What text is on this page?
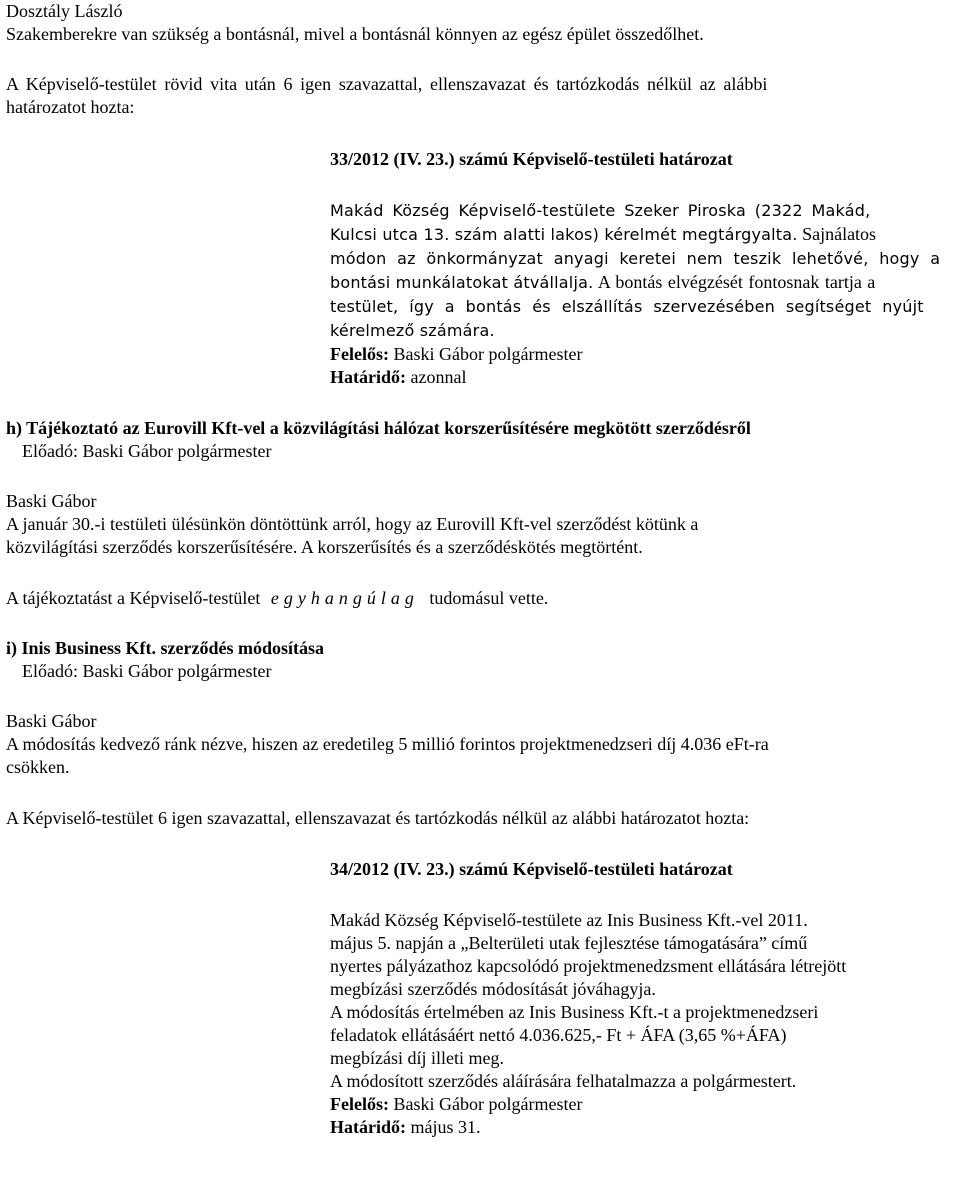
Dosztály László
Szakemberekre van szükség a bontásnál, mivel a bontásnál könnyen az egész épület összedőlhet.
A Képviselő-testület rövid vita után 6 igen szavazattal, ellenszavazat és tartózkodás nélkül az alábbi
határozatot hozta:
33/2012 (IV. 23.) számú Képviselő-testületi határozat
Makád Község Képviselő-testülete Szeker Piroska (2322 Makád,
Kulcsi utca 13. szám alatti lakos) kérelmét megtárgyalta. Sajnálatos
módon az önkormányzat anyagi keretei nem teszik lehetővé, hogy a
bontási munkálatokat átvállalja. A bontás elvégzését fontosnak tartja a
testület, így a bontás és elszállítás szervezésében segítséget nyújt
kérelmező számára.
Felelős: Baski Gábor polgármester
Határidő: azonnal
h) Tájékoztató az Eurovill Kft-vel a közvilágítási hálózat korszerűsítésére megkötött szerződésről
Előadó: Baski Gábor polgármester
Baski Gábor
A január 30.-i testületi ülésünkön döntöttünk arról, hogy az Eurovill Kft-vel szerződést kötünk a
közvilágítási szerződés korszerűsítésére. A korszerűsítés és a szerződéskötés megtörtént.
A tájékoztatást a Képviselő-testület egyhangúlag tudomásul vette.
i) Inis Business Kft. szerződés módosítása
Előadó: Baski Gábor polgármester
Baski Gábor
A módosítás kedvező ránk nézve, hiszen az eredetileg 5 millió forintos projektmenedzseri díj 4.036 eFt-ra
csökken.
A Képviselő-testület 6 igen szavazattal, ellenszavazat és tartózkodás nélkül az alábbi határozatot hozta:
34/2012 (IV. 23.) számú Képviselő-testületi határozat
Makád Község Képviselő-testülete az Inis Business Kft.-vel 2011.
május 5. napján a „Belterületi utak fejlesztése támogatására” című
nyertes pályázathoz kapcsolódó projektmenedzsment ellátására létrejött
megbízási szerződés módosítását jóváhagyja.
A módosítás értelmében az Inis Business Kft.-t a projektmenedzseri
feladatok ellátásáért nettó 4.036.625,- Ft + ÁFA (3,65 %+ÁFA)
megbízási díj illeti meg.
A módosított szerződés aláírására felhatalmazza a polgármestert.
Felelős: Baski Gábor polgármester
Határidő: május 31.
